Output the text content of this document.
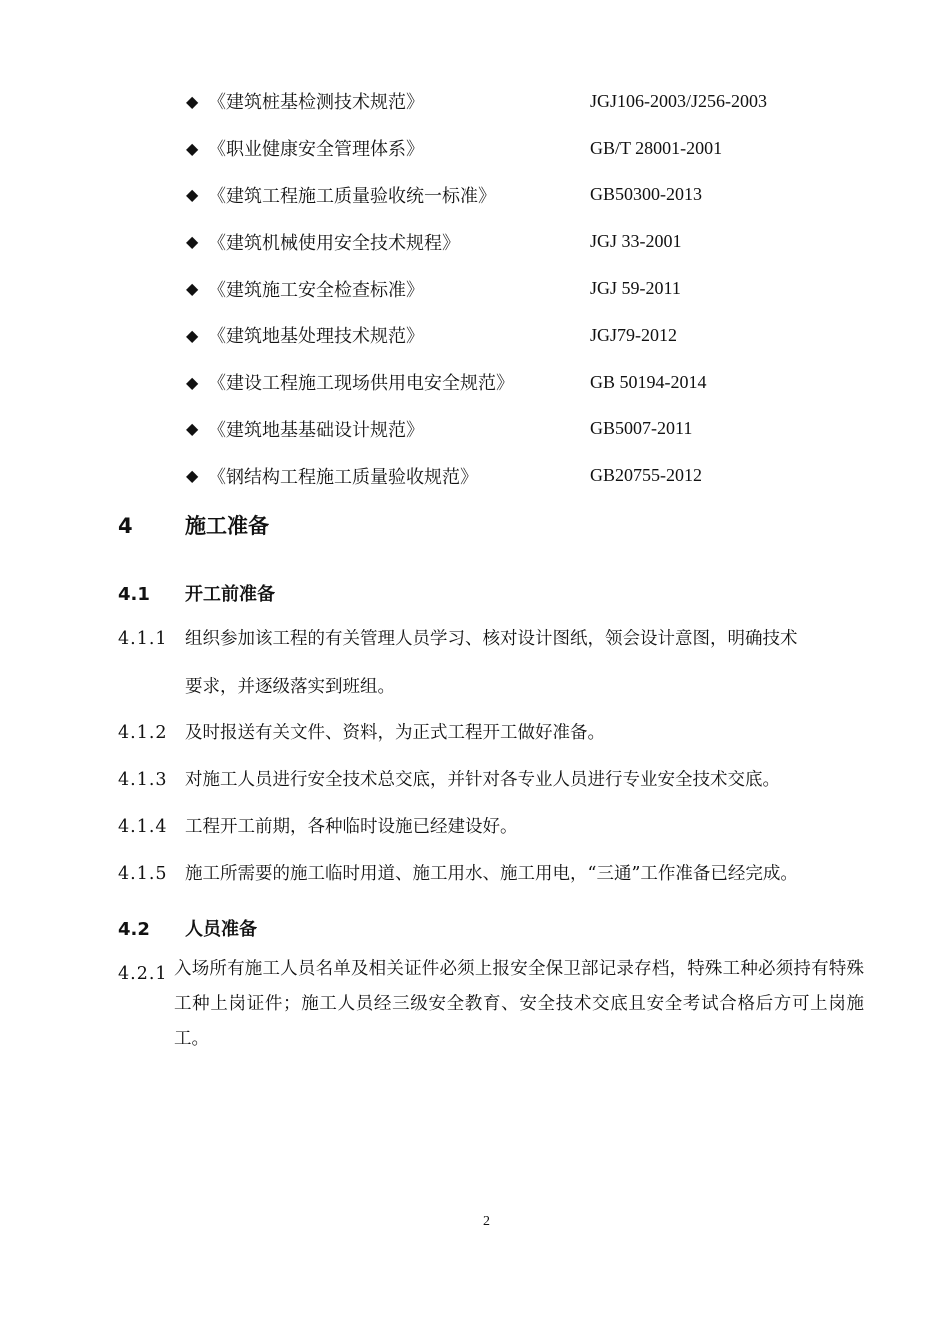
◆ 《建筑桩基检测技术规范》	JGJ106-2003/J256-2003
◆ 《职业健康安全管理体系》	GB/T 28001-2001
◆ 《建筑工程施工质量验收统一标准》	GB50300-2013
◆ 《建筑机械使用安全技术规程》	JGJ 33-2001
◆ 《建筑施工安全检查标准》	JGJ 59-2011
◆ 《建筑地基处理技术规范》	JGJ79-2012
◆ 《建设工程施工现场供用电安全规范》	GB 50194-2014
◆ 《建筑地基基础设计规范》	GB5007-2011
◆ 《钢结构工程施工质量验收规范》	GB20755-2012
4 施工准备
4.1 开工前准备
4.1.1 组织参加该工程的有关管理人员学习、核对设计图纸，领会设计意图，明确技术
要求，并逐级落实到班组。
4.1.2 及时报送有关文件、资料，为正式工程开工做好准备。
4.1.3 对施工人员进行安全技术总交底，并针对各专业人员进行专业安全技术交底。
4.1.4 工程开工前期，各种临时设施已经建设好。
4.1.5 施工所需要的施工临时用道、施工用水、施工用电，“三通”工作准备已经完成。
4.2 人员准备
4.2.1 入场所有施工人员名单及相关证件必须上报安全保卫部记录存档，特殊工种必须持有特殊工种上岗证件；施工人员经三级安全教育、安全技术交底且安全考试合格后方可上岗施工。
2
